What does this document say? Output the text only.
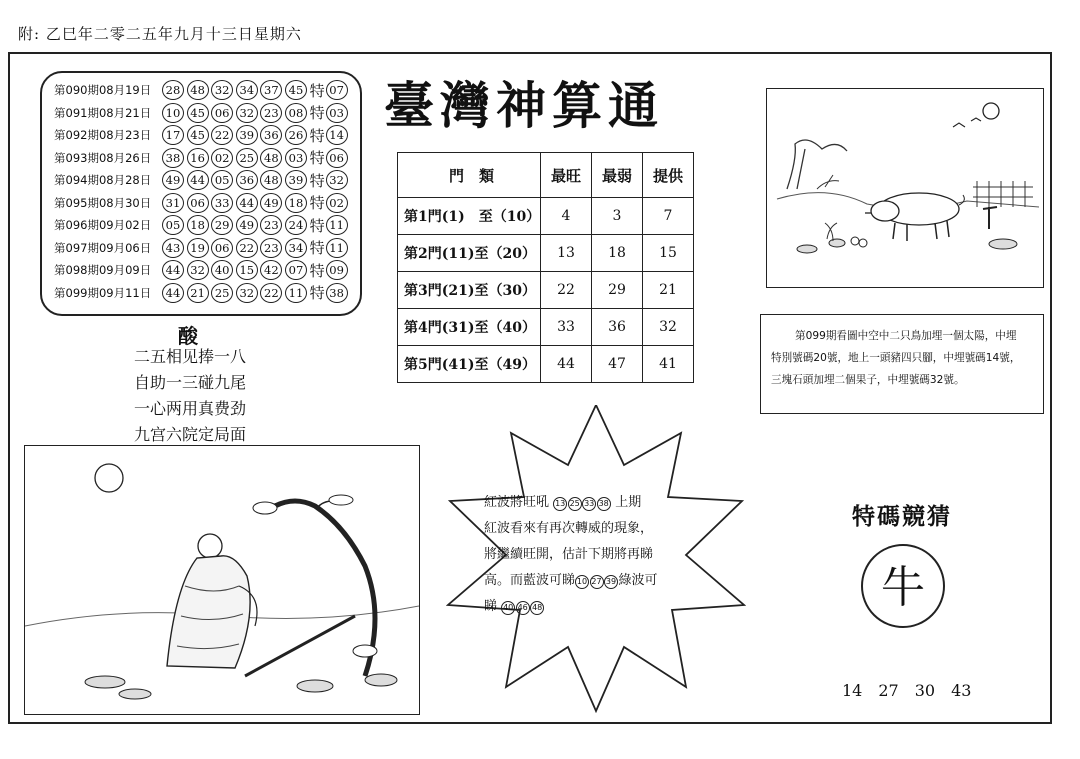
附: 乙巳年二零二五年九月十三日星期六
第090期08月19日	28 48 32 34 37 45 特 07
第091期08月21日	10 45 06 32 23 08 特 03
第092期08月23日	17 45 22 39 36 26 特 14
第093期08月26日	38 16 02 25 48 03 特 06
第094期08月28日	49 44 05 36 48 39 特 32
第095期08月30日	31 06 33 44 49 18 特 02
第096期09月02日	05 18 29 49 23 24 特 11
第097期09月06日	43 19 06 22 23 34 特 11
第098期09月09日	44 32 40 15 42 07 特 09
第099期09月11日	44 21 25 32 22 11 特 38
酸
二五相见捧一八
自助一三碰九尾
一心两用真费劲
九宫六院定局面
臺灣神算通
門　類	最旺	最弱	提供
第1門(1)　至（10）	4	3	7
第2門(11)至（20）	13	18	15
第3門(21)至（30）	22	29	21
第4門(31)至（40）	33	36	32
第5門(41)至（49）	44	47	41
第099期看圖中空中二只鳥加埋一個太陽，中埋
特別號碼20號，地上一頭豬四只腳，中埋號碼14號，
三塊石頭加埋二個果子，中埋號碼32號。
紅波將旺吼 13 25 33 38 上期
紅波看來有再次轉威的現象，
將繼續旺開，估計下期將再睇
高。而藍波可睇 10 27 39 綠波可
睇 40 46 48
特碼競猜
牛
14　27　30　43
